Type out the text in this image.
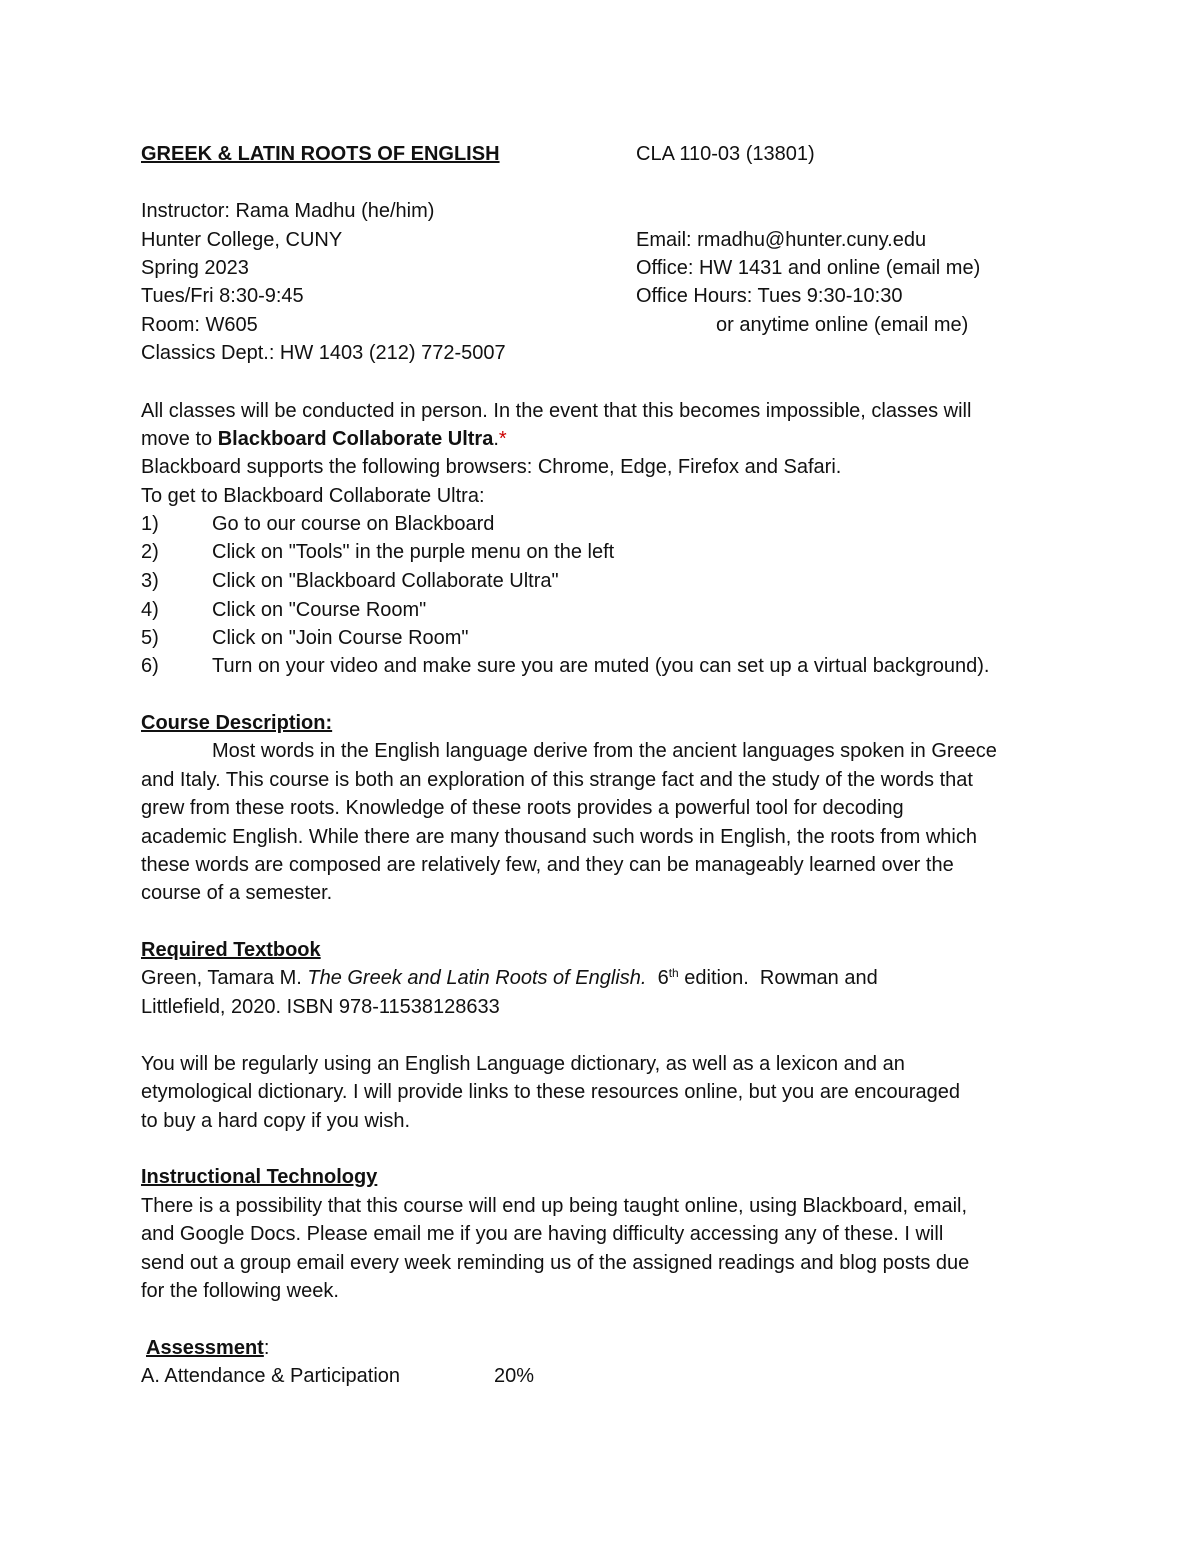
GREEK & LATIN ROOTS OF ENGLISH	CLA 110-03 (13801)
Instructor: Rama Madhu (he/him)
Hunter College, CUNY	Email: rmadhu@hunter.cuny.edu
Spring 2023	Office: HW 1431 and online (email me)
Tues/Fri 8:30-9:45	Office Hours: Tues 9:30-10:30
Room: W605	or anytime online (email me)
Classics Dept.: HW 1403 (212) 772-5007
All classes will be conducted in person. In the event that this becomes impossible, classes will
move to Blackboard Collaborate Ultra.*
Blackboard supports the following browsers: Chrome, Edge, Firefox and Safari.
To get to Blackboard Collaborate Ultra:
1)	Go to our course on Blackboard
2)	Click on "Tools" in the purple menu on the left
3)	Click on "Blackboard Collaborate Ultra"
4)	Click on "Course Room"
5)	Click on "Join Course Room"
6)	Turn on your video and make sure you are muted (you can set up a virtual background).
Course Description:
Most words in the English language derive from the ancient languages spoken in Greece
and Italy. This course is both an exploration of this strange fact and the study of the words that
grew from these roots. Knowledge of these roots provides a powerful tool for decoding
academic English. While there are many thousand such words in English, the roots from which
these words are composed are relatively few, and they can be manageably learned over the
course of a semester.
Required Textbook
Green, Tamara M. The Greek and Latin Roots of English.  6th edition.  Rowman and
Littlefield, 2020. ISBN 978-11538128633
You will be regularly using an English Language dictionary, as well as a lexicon and an
etymological dictionary. I will provide links to these resources online, but you are encouraged
to buy a hard copy if you wish.
Instructional Technology
There is a possibility that this course will end up being taught online, using Blackboard, email,
and Google Docs. Please email me if you are having difficulty accessing any of these. I will
send out a group email every week reminding us of the assigned readings and blog posts due
for the following week.
Assessment:
A. Attendance & Participation	20%
